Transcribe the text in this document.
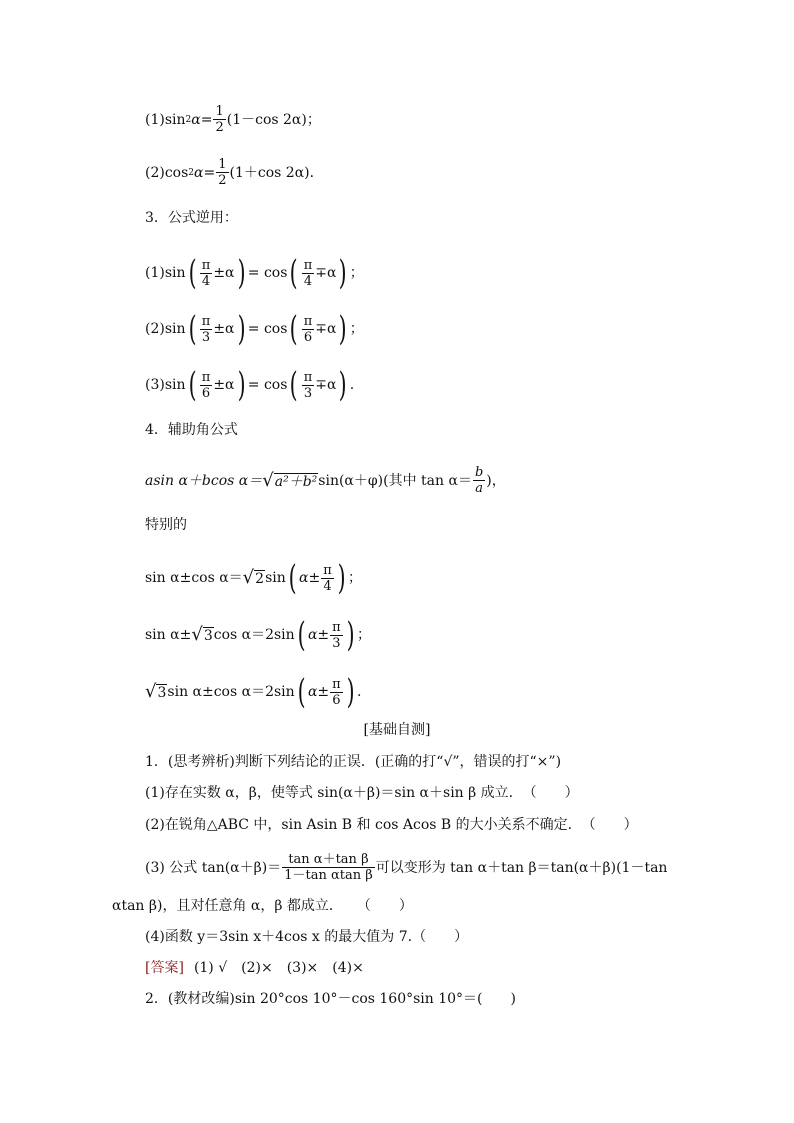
(1)sin 2 $\alpha = \frac{1}{2} (1-\cos$ 2α)；
(2)cos 2 $\alpha = \frac{1}{2} (1+\cos$ 2α)．
3．公式逆用：
(1)sin ( $\frac{\pi}{4} \pm\alpha$ ) = cos ( $\frac{\pi}{4} \mp\alpha$ ) ；
(2)sin ( $\frac{\pi}{3} \pm\alpha$ ) = cos ( $\frac{\pi}{6} \mp\alpha$ ) ；
(3)sin ( $\frac{\pi}{6} \pm\alpha$ ) = cos ( $\frac{\pi}{3} \mp\alpha$ ) .
4．辅助角公式
asin α＋bcos α＝ √ a²＋b² sin(α＋φ)(其中 $\tan \alpha= \frac{b}{a}$ )，
特别的
sin α±cos α＝ √ 2 sin ( $\alpha\pm \frac{\pi}{4}$ ) ；
sin α± √ 3 cos α＝2sin ( $\alpha\pm \frac{\pi}{3}$ ) ；
√ 3 sin α±cos α＝2sin ( $\alpha\pm \frac{\pi}{6}$ ) .
[基础自测]
1．(思考辨析)判断下列结论的正误．(正确的打“√”，错误的打“×”)
(1)存在实数 α，β，使等式 sin(α＋β)＝sin α＋sin β 成立．　（　　）
(2)在锐角△ABC 中，sin Asin B 和 cos Acos B 的大小关系不确定．　（　　）
(3) 公式 $\tan(\alpha+\beta)= \frac{\text{tan α＋tan β}}{\text{1－tan αtan β}}$ 可以变形为 tan α＋tan β＝tan(α＋β)(1－tan
αtan β)，且对任意角 α，β 都成立．　　（　　）
(4)函数 y＝3sin x＋4cos x 的最大值为 7.（　　）
[答案] (1) √　(2)×　(3)×　(4)×
2．(教材改编)sin 20°cos 10°－cos 160°sin 10°＝(　　)
